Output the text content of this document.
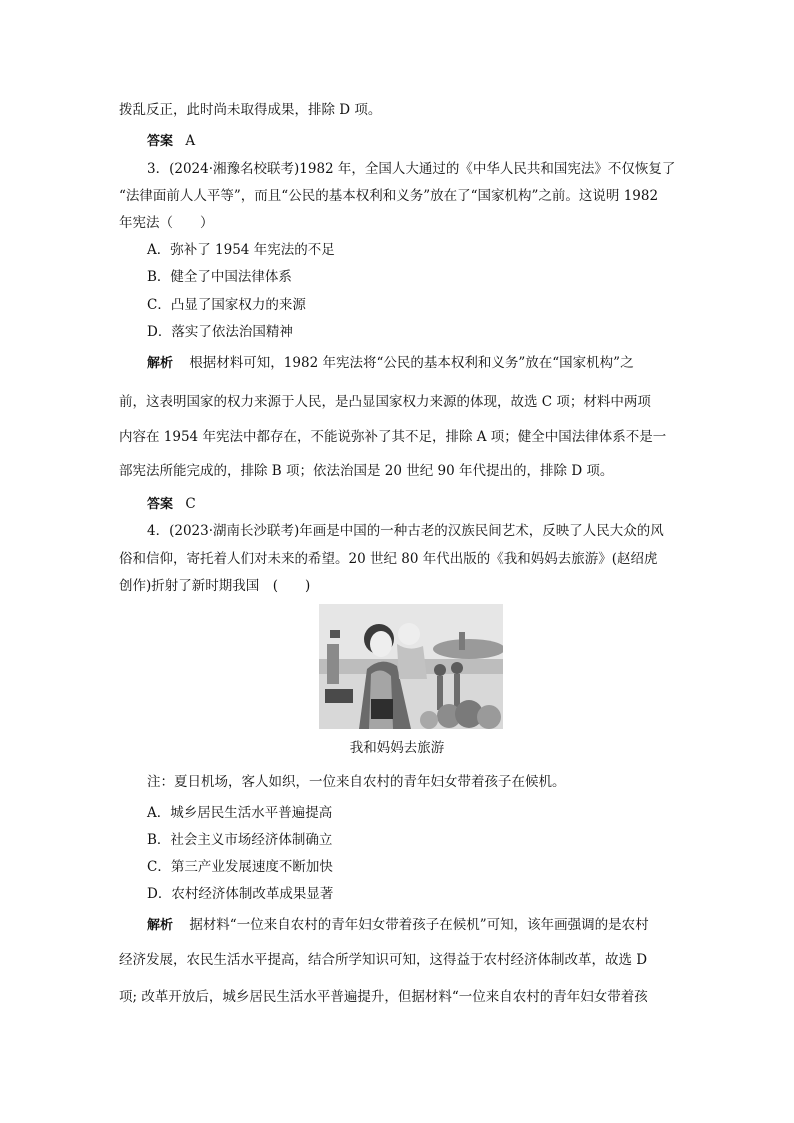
拨乱反正，此时尚未取得成果，排除 D 项。
答案 A
3．(2024·湘豫名校联考)1982 年，全国人大通过的《中华人民共和国宪法》不仅恢复了
“法律面前人人平等”，而且“公民的基本权利和义务”放在了“国家机构”之前。这说明 1982
年宪法（　　）
A．弥补了 1954 年宪法的不足
B．健全了中国法律体系
C．凸显了国家权力的来源
D．落实了依法治国精神
解析 根据材料可知，1982 年宪法将“公民的基本权利和义务”放在“国家机构”之
前，这表明国家的权力来源于人民，是凸显国家权力来源的体现，故选 C 项；材料中两项
内容在 1954 年宪法中都存在，不能说弥补了其不足，排除 A 项；健全中国法律体系不是一
部宪法所能完成的，排除 B 项；依法治国是 20 世纪 90 年代提出的，排除 D 项。
答案 C
4．(2023·湖南长沙联考)年画是中国的一种古老的汉族民间艺术，反映了人民大众的风
俗和信仰，寄托着人们对未来的希望。20 世纪 80 年代出版的《我和妈妈去旅游》(赵绍虎
创作)折射了新时期我国　(　　)
我和妈妈去旅游
注：夏日机场，客人如织，一位来自农村的青年妇女带着孩子在候机。
A．城乡居民生活水平普遍提高
B．社会主义市场经济体制确立
C．第三产业发展速度不断加快
D．农村经济体制改革成果显著
解析 据材料“一位来自农村的青年妇女带着孩子在候机”可知，该年画强调的是农村
经济发展，农民生活水平提高，结合所学知识可知，这得益于农村经济体制改革，故选 D
项; 改革开放后，城乡居民生活水平普遍提升，但据材料“一位来自农村的青年妇女带着孩
